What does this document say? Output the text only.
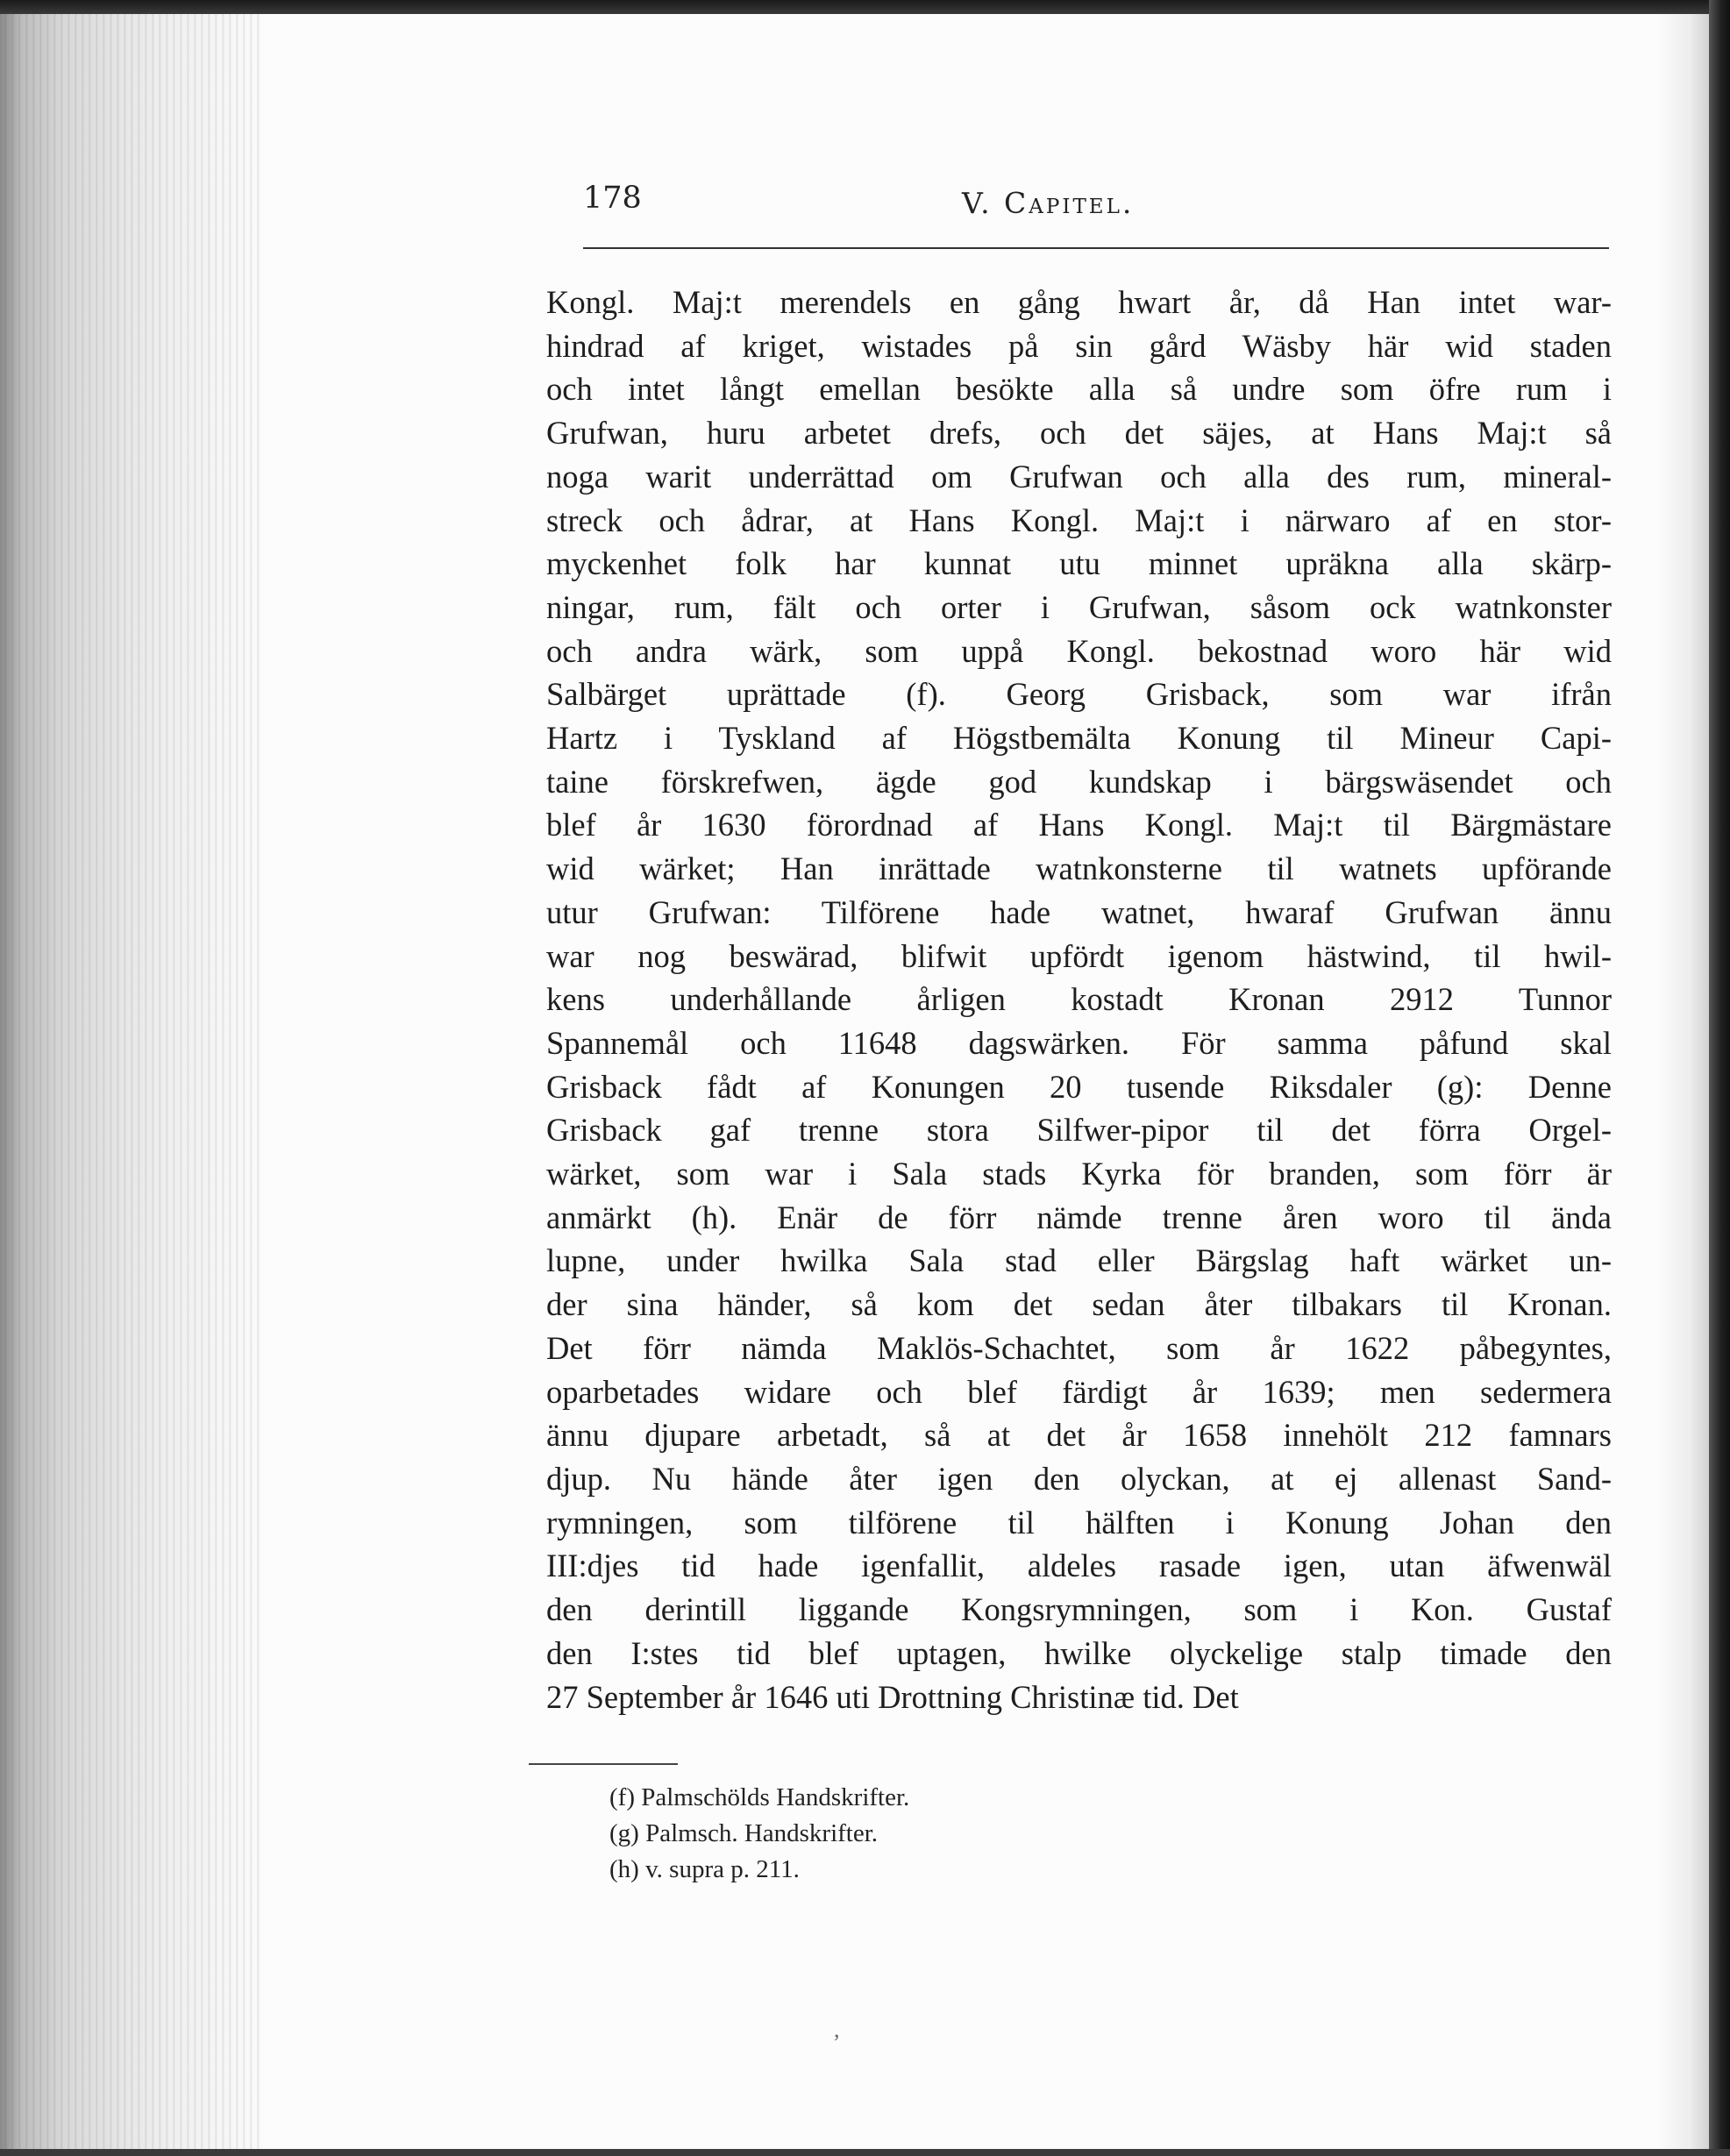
178	V. Capitel.
Kongl. Maj:t merendels en gång hwart år, då Han intet war-
hindrad af kriget, wistades på sin gård Wäsby här wid staden
och intet långt emellan besökte alla så undre som öfre rum i
Grufwan, huru arbetet drefs, och det säjes, at Hans Maj:t så
noga warit underrättad om Grufwan och alla des rum, mineral-
streck och ådrar, at Hans Kongl. Maj:t i närwaro af en stor-
myckenhet folk har kunnat utu minnet upräkna alla skärp-
ningar, rum, fält och orter i Grufwan, såsom ock watnkonster
och andra wärk, som uppå Kongl. bekostnad woro här wid
Salbärget uprättade (f). Georg Grisback, som war ifrån
Hartz i Tyskland af Högstbemälta Konung til Mineur Capi-
taine förskrefwen, ägde god kundskap i bärgswäsendet och
blef år 1630 förordnad af Hans Kongl. Maj:t til Bärgmästare
wid wärket; Han inrättade watnkonsterne til watnets upförande
utur Grufwan: Tilförene hade watnet, hwaraf Grufwan ännu
war nog beswärad, blifwit upfördt igenom hästwind, til hwil-
kens underhållande årligen kostadt Kronan 2912 Tunnor
Spannemål och 11648 dagswärken. För samma påfund skal
Grisback fådt af Konungen 20 tusende Riksdaler (g): Denne
Grisback gaf trenne stora Silfwer-pipor til det förra Orgel-
wärket, som war i Sala stads Kyrka för branden, som förr är
anmärkt (h). Enär de förr nämde trenne åren woro til ända
lupne, under hwilka Sala stad eller Bärgslag haft wärket un-
der sina händer, så kom det sedan åter tilbakars til Kronan.
Det förr nämda Maklös-Schachtet, som år 1622 påbegyntes,
oparbetades widare och blef färdigt år 1639; men sedermera
ännu djupare arbetadt, så at det år 1658 innehölt 212 famnars
djup. Nu hände åter igen den olyckan, at ej allenast Sand-
rymningen, som tilförene til hälften i Konung Johan den
III:djes tid hade igenfallit, aldeles rasade igen, utan äfwenwäl
den derintill liggande Kongsrymningen, som i Kon. Gustaf
den I:stes tid blef uptagen, hwilke olyckelige stalp timade den
27 September år 1646 uti Drottning Christinæ tid. Det
(f) Palmschölds Handskrifter.
(g) Palmsch. Handskrifter.
(h) v. supra p. 211.
,
